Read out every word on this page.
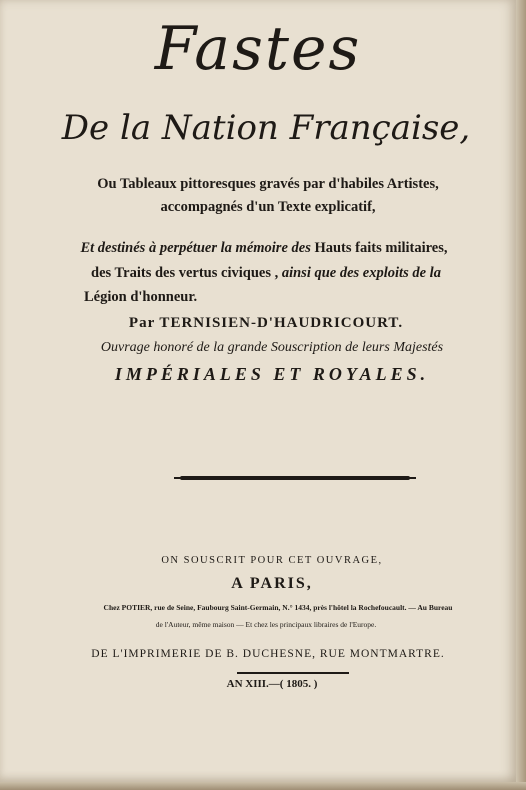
Fastes
De la Nation Française,
Ou Tableaux pittoresques gravés par d'habiles Artistes,
accompagnés d'un Texte explicatif,
Et destinés à perpétuer la mémoire des Hauts faits militaires,
des Traits des vertus civiques , ainsi que des exploits de la
Légion d'honneur.
Par TERNISIEN-D'HAUDRICOURT.
Ouvrage honoré de la grande Souscription de leurs Majestés
IMPÉRIALES ET ROYALES.
ON SOUSCRIT POUR CET OUVRAGE,
A PARIS,
Chez POTIER, rue de Seine, Faubourg Saint-Germain, N.° 1434, près l'hôtel la Rochefoucault. — Au Bureau
de l'Auteur, même maison — Et chez les principaux libraires de l'Europe.
DE L'IMPRIMERIE DE B. DUCHESNE, RUE MONTMARTRE.
AN XIII.—( 1805. )
